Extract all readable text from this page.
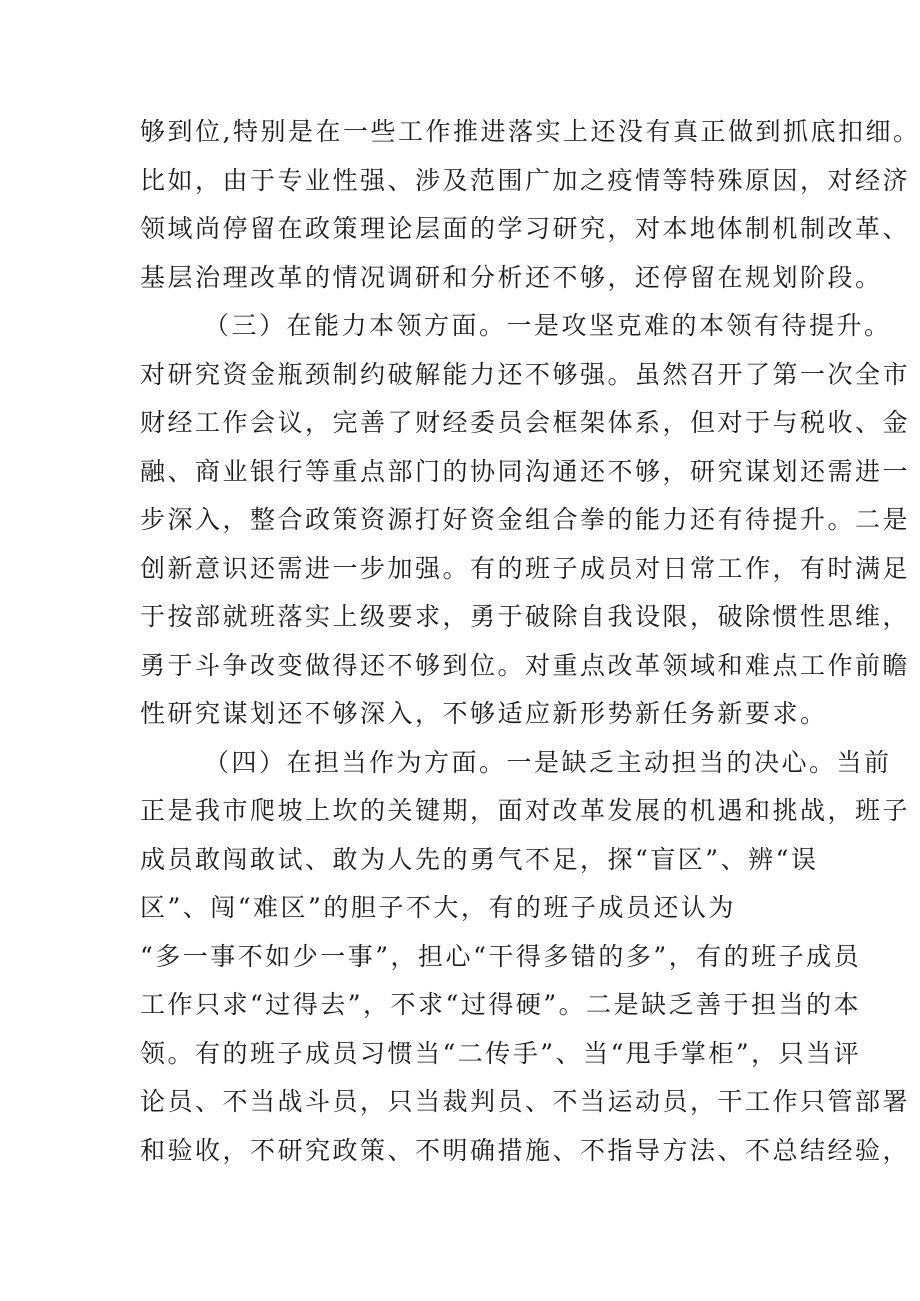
够到位,特别是在一些工作推进落实上还没有真正做到抓底扣细。
比如，由于专业性强、涉及范围广加之疫情等特殊原因，对经济
领域尚停留在政策理论层面的学习研究，对本地体制机制改革、
基层治理改革的情况调研和分析还不够，还停留在规划阶段。
（三）在能力本领方面。一是攻坚克难的本领有待提升。
对研究资金瓶颈制约破解能力还不够强。虽然召开了第一次全市
财经工作会议，完善了财经委员会框架体系，但对于与税收、金
融、商业银行等重点部门的协同沟通还不够，研究谋划还需进一
步深入，整合政策资源打好资金组合拳的能力还有待提升。二是
创新意识还需进一步加强。有的班子成员对日常工作，有时满足
于按部就班落实上级要求，勇于破除自我设限，破除惯性思维，
勇于斗争改变做得还不够到位。对重点改革领域和难点工作前瞻
性研究谋划还不够深入，不够适应新形势新任务新要求。
（四）在担当作为方面。一是缺乏主动担当的决心。当前
正是我市爬坡上坎的关键期，面对改革发展的机遇和挑战，班子
成员敢闯敢试、敢为人先的勇气不足，探“盲区”、辨“误
区”、闯“难区”的胆子不大，有的班子成员还认为
“多一事不如少一事”，担心“干得多错的多”，有的班子成员
工作只求“过得去”，不求“过得硬”。二是缺乏善于担当的本
领。有的班子成员习惯当“二传手”、当“甩手掌柜”，只当评
论员、不当战斗员，只当裁判员、不当运动员，干工作只管部署
和验收，不研究政策、不明确措施、不指导方法、不总结经验，
